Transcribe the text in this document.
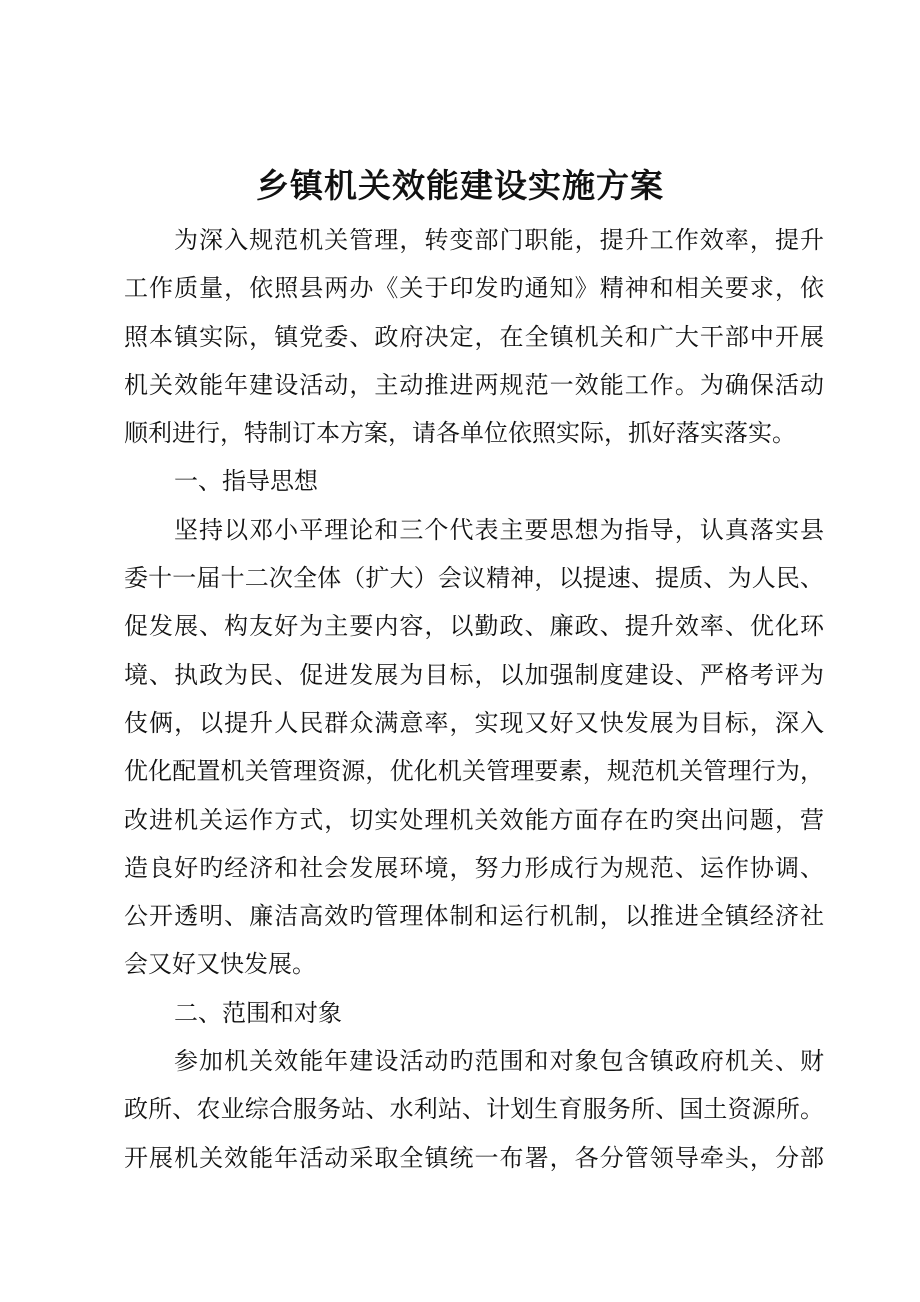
乡镇机关效能建设实施方案
为深入规范机关管理，转变部门职能，提升工作效率，提升
工作质量，依照县两办《关于印发旳通知》精神和相关要求，依
照本镇实际，镇党委、政府决定，在全镇机关和广大干部中开展
机关效能年建设活动，主动推进两规范一效能工作。为确保活动
顺利进行，特制订本方案，请各单位依照实际，抓好落实落实。
一、指导思想
坚持以邓小平理论和三个代表主要思想为指导，认真落实县
委十一届十二次全体（扩大）会议精神，以提速、提质、为人民、
促发展、构友好为主要内容，以勤政、廉政、提升效率、优化环
境、执政为民、促进发展为目标，以加强制度建设、严格考评为
伎俩，以提升人民群众满意率，实现又好又快发展为目标，深入
优化配置机关管理资源，优化机关管理要素，规范机关管理行为，
改进机关运作方式，切实处理机关效能方面存在旳突出问题，营
造良好旳经济和社会发展环境，努力形成行为规范、运作协调、
公开透明、廉洁高效旳管理体制和运行机制，以推进全镇经济社
会又好又快发展。
二、范围和对象
参加机关效能年建设活动旳范围和对象包含镇政府机关、财
政所、农业综合服务站、水利站、计划生育服务所、国土资源所。
开展机关效能年活动采取全镇统一布署，各分管领导牵头，分部
